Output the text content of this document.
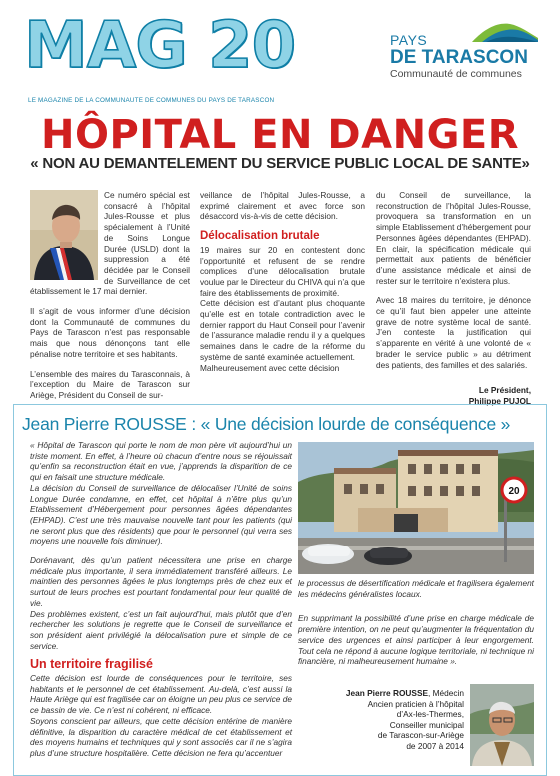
MAG 20
LE MAGAZINE DE LA COMMUNAUTE DE COMMUNES DU PAYS DE TARASCON
PAYS
DE TARASCON
Communauté de communes
HÔPITAL EN DANGER
« NON AU DEMANTELEMENT DU SERVICE PUBLIC LOCAL DE SANTE»

Ce numéro spécial est consacré à l’hôpital Jules-Rousse et plus spécialement à l’Unité de Soins Longue Durée (USLD) dont la suppression a été décidée par le Conseil de Surveillance de cet établissement le 17 mai dernier.

Il s’agit de vous informer d’une décision dont la Communauté de communes du Pays de Tarascon n’est pas responsable mais que nous dénonçons tant elle pénalise notre territoire et ses habitants.

L’ensemble des maires du Tarasconnais, à l’exception du Maire de Tarascon sur Ariège, Président du Conseil de sur-

veillance de l’hôpital Jules-Rousse, a exprimé clairement et avec force son désaccord vis-à-vis de cette décision.

Délocalisation brutale

19 maires sur 20 en contestent donc l’opportunité et refusent de se rendre complices d’une délocalisation brutale voulue par le Directeur du CHIVA qui n’a que faire des établissements de proximité.

Cette décision est d’autant plus choquante qu’elle est en totale contradiction avec le dernier rapport du Haut Conseil pour l’avenir de l’assurance maladie rendu il y a quelques semaines dans le cadre de la réforme du système de santé examinée actuellement.

Malheureusement avec cette décision

du Conseil de surveillance, la reconstruction de l’hôpital Jules-Rousse, provoquera sa transformation en un simple Etablissement d’hébergement pour Personnes âgées dépendantes (EHPAD). En clair, la spécification médicale qui permettait aux patients de bénéficier d’une assistance médicale et ainsi de rester sur le territoire n’existera plus.

Avec 18 maires du territoire, je dénonce ce qu’il faut bien appeler une atteinte grave de notre système local de santé. J’en conteste la justification qui s’apparente en vérité à une volonté de « brader le service public » au détriment des patients, des familles et des salariés.

Le Président,
Philippe PUJOL
Jean Pierre ROUSSE : « Une décision lourde de conséquence »

« Hôpital de Tarascon qui porte le nom de mon père vit aujourd’hui un triste moment. En effet, à l’heure où chacun d’entre nous se réjouissait qu’enfin sa reconstruction était en vue, j’apprends la disparition de ce qui en faisait une structure médicale.

La décision du Conseil de surveillance de délocaliser l’Unité de soins Longue Durée condamne, en effet, cet hôpital à n’être plus qu’un Etablissement d’Hébergement pour personnes âgées dépendantes (EHPAD). C’est une très mauvaise nouvelle tant pour les patients (qui ne seront plus que des résidents) que pour le personnel (qui verra ses moyens une nouvelle fois diminuer).

Dorénavant, dès qu’un patient nécessitera une prise en charge médicale plus importante, il sera immédiatement transféré ailleurs. Le maintien des personnes âgées le plus longtemps près de chez eux et surtout de leurs proches est pourtant fondamental pour leur qualité de vie.

Des problèmes existent, c’est un fait aujourd’hui, mais plutôt que d’en rechercher les solutions je regrette que le Conseil de surveillance et son président aient privilégié la délocalisation pure et simple de ce service.

Un territoire fragilisé

Cette décision est lourde de conséquences pour le territoire, ses habitants et le personnel de cet établissement. Au-delà, c’est aussi la Haute Ariège qui est fragilisée car on éloigne un peu plus ce service de ce bassin de vie. Ce n’est ni cohérent, ni efficace.

Soyons conscient par ailleurs, que cette décision entérine de manière définitive, la disparition du caractère médical de cet établissement et des moyens humains et techniques qui y sont associés car il ne s’agira plus d’une structure hospitalière. Cette décision ne fera qu’accentuer

20

le processus de désertification médicale et fragilisera également les médecins généralistes locaux.

En supprimant la possibilité d’une prise en charge médicale de première intention, on ne peut qu’augmenter la fréquentation du service des urgences et ainsi participer à leur engorgement. Tout cela ne répond à aucune logique territoriale, ni technique ni financière, ni malheureusement humaine ».

Jean Pierre ROUSSE, Médecin
Ancien praticien à l’hôpital
d’Ax-les-Thermes,
Conseiller municipal
de Tarascon-sur-Ariège
de 2007 à 2014
